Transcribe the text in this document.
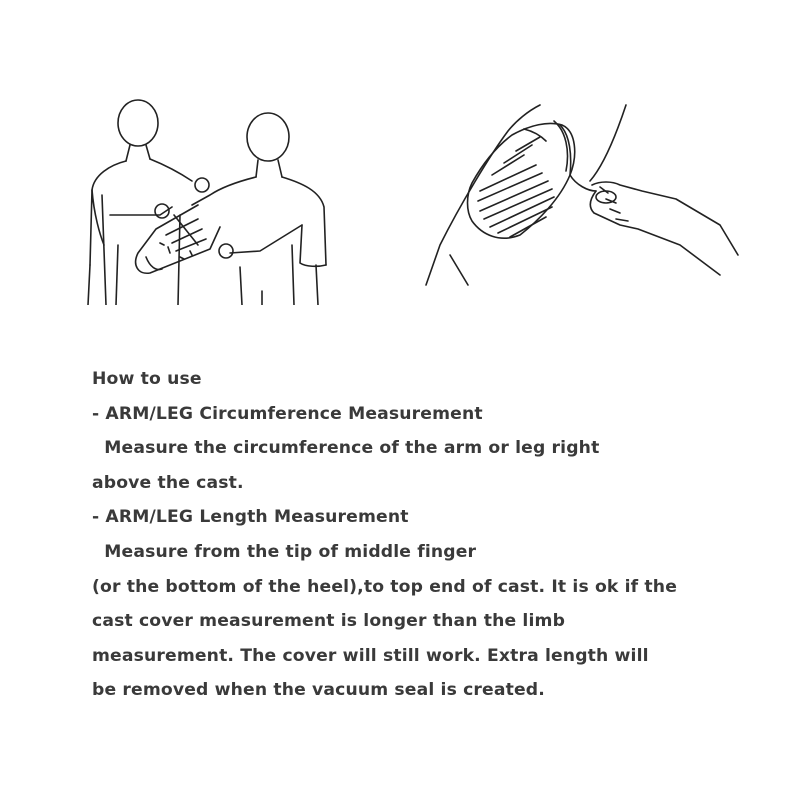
How to use
- ARM/LEG Circumference Measurement
Measure the circumference of the arm or leg right
above the cast.
- ARM/LEG Length Measurement
Measure from the tip of middle finger
(or the bottom of the heel),to top end of cast. It is ok if the
cast cover measurement is longer than the limb
measurement. The cover will still work. Extra length will
be removed when the vacuum seal is created.
